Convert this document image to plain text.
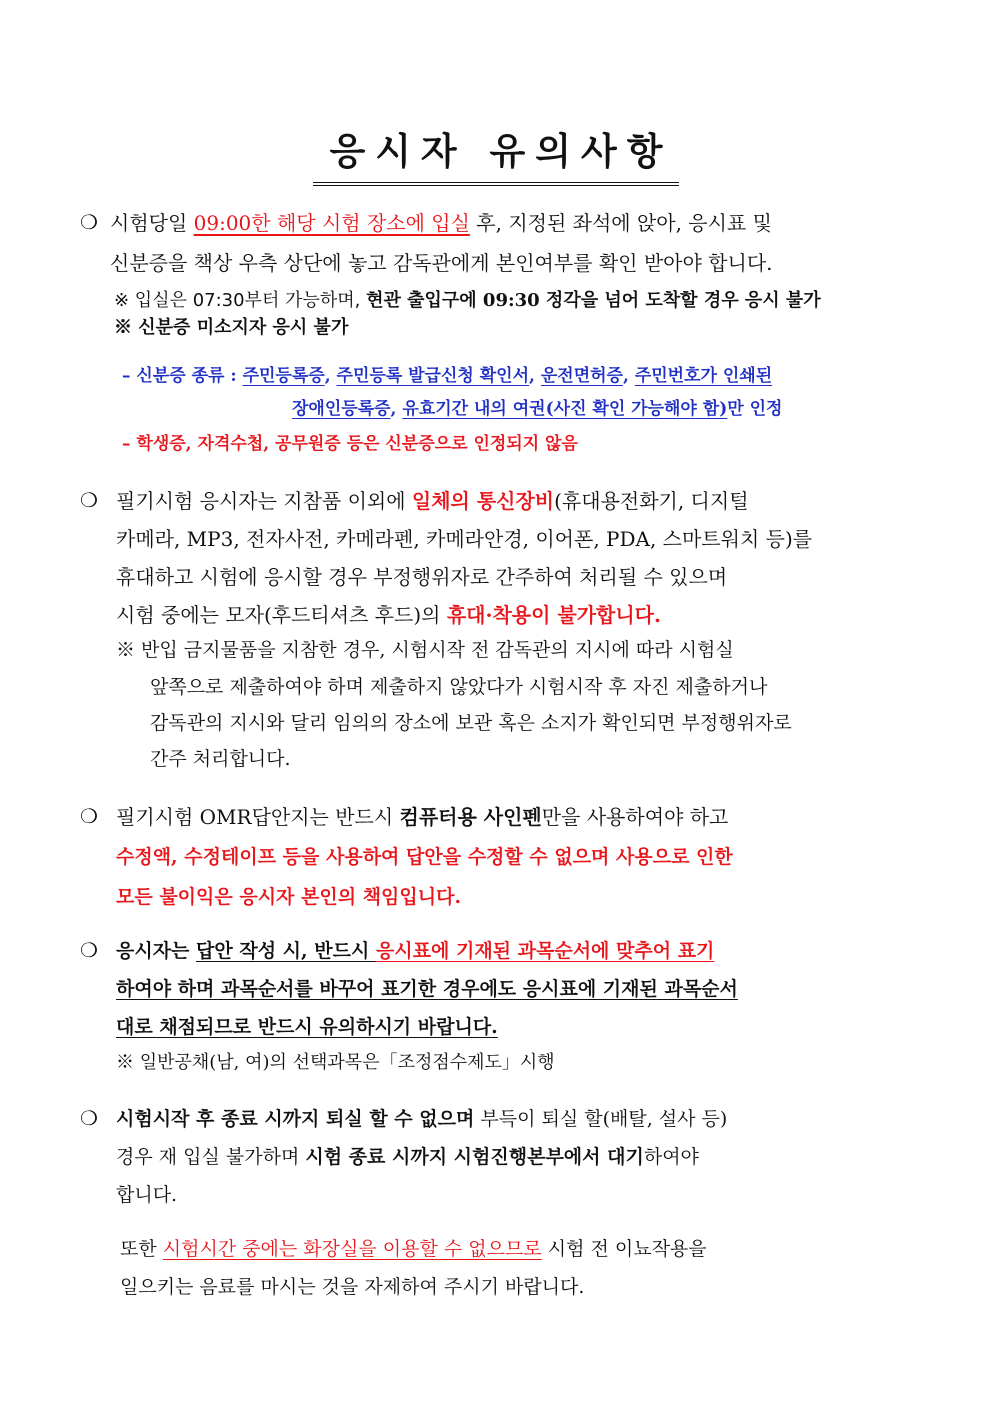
응시자 유의사항
❍ 시험당일 09:00한 해당 시험 장소에 입실 후, 지정된 좌석에 앉아, 응시표 및
신분증을 책상 우측 상단에 놓고 감독관에게 본인여부를 확인 받아야 합니다.
※ 입실은 07:30부터 가능하며, 현관 출입구에 09:30 정각을 넘어 도착할 경우 응시 불가
※ 신분증 미소지자 응시 불가
– 신분증 종류 : 주민등록증, 주민등록 발급신청 확인서, 운전면허증, 주민번호가 인쇄된
장애인등록증, 유효기간 내의 여권(사진 확인 가능해야 함)만 인정
– 학생증, 자격수첩, 공무원증 등은 신분증으로 인정되지 않음
❍ 필기시험 응시자는 지참품 이외에 일체의 통신장비(휴대용전화기, 디지털
카메라, MP3, 전자사전, 카메라펜, 카메라안경, 이어폰, PDA, 스마트워치 등)를
휴대하고 시험에 응시할 경우 부정행위자로 간주하여 처리될 수 있으며
시험 중에는 모자(후드티셔츠 후드)의 휴대·착용이 불가합니다.
※ 반입 금지물품을 지참한 경우, 시험시작 전 감독관의 지시에 따라 시험실
앞쪽으로 제출하여야 하며 제출하지 않았다가 시험시작 후 자진 제출하거나
감독관의 지시와 달리 임의의 장소에 보관 혹은 소지가 확인되면 부정행위자로
간주 처리합니다.
❍ 필기시험 OMR답안지는 반드시 컴퓨터용 사인펜만을 사용하여야 하고
수정액, 수정테이프 등을 사용하여 답안을 수정할 수 없으며 사용으로 인한
모든 불이익은 응시자 본인의 책임입니다.
❍ 응시자는 답안 작성 시, 반드시 응시표에 기재된 과목순서에 맞추어 표기
하여야 하며 과목순서를 바꾸어 표기한 경우에도 응시표에 기재된 과목순서
대로 채점되므로 반드시 유의하시기 바랍니다.
※ 일반공채(남, 여)의 선택과목은「조정점수제도」시행
❍ 시험시작 후 종료 시까지 퇴실 할 수 없으며 부득이 퇴실 할(배탈, 설사 등)
경우 재 입실 불가하며 시험 종료 시까지 시험진행본부에서 대기하여야
합니다.
또한 시험시간 중에는 화장실을 이용할 수 없으므로 시험 전 이뇨작용을
일으키는 음료를 마시는 것을 자제하여 주시기 바랍니다.
